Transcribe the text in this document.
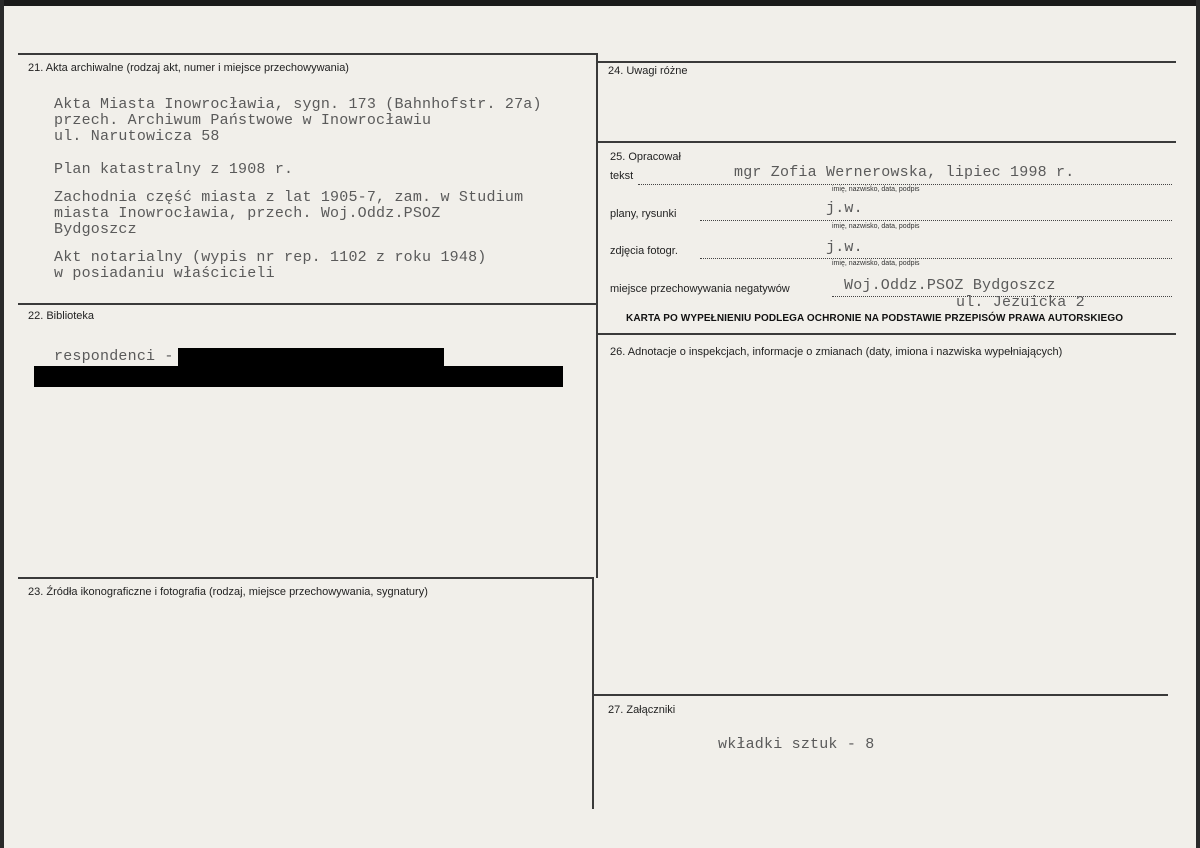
21. Akta archiwalne (rodzaj akt, numer i miejsce przechowywania)
Akta Miasta Inowrocławia, sygn. 173 (Bahnhofstr. 27a)
przech. Archiwum Państwowe w Inowrocławiu
ul. Narutowicza 58
Plan katastralny z 1908 r.
Zachodnia część miasta z lat 1905-7, zam. w Studium
miasta Inowrocławia, przech. Woj.Oddz.PSOZ
Bydgoszcz
Akt notarialny (wypis nr rep. 1102 z roku 1948)
w posiadaniu właścicieli
22. Biblioteka
respondenci -
23. Źródła ikonograficzne i fotografia (rodzaj, miejsce przechowywania, sygnatury)
24. Uwagi różne
25. Opracował
tekst	mgr Zofia Wernerowska, lipiec 1998 r.
imię, nazwisko, data, podpis
plany, rysunki	j.w.
imię, nazwisko, data, podpis
zdjęcia fotogr.	j.w.
imię, nazwisko, data, podpis
miejsce przechowywania negatywów	Woj.Oddz.PSOZ Bydgoszcz
ul. Jezuicka 2
KARTA PO WYPEŁNIENIU PODLEGA OCHRONIE NA PODSTAWIE PRZEPISÓW PRAWA AUTORSKIEGO
26. Adnotacje o inspekcjach, informacje o zmianach (daty, imiona i nazwiska wypełniających)
27. Załączniki
wkładki sztuk - 8
